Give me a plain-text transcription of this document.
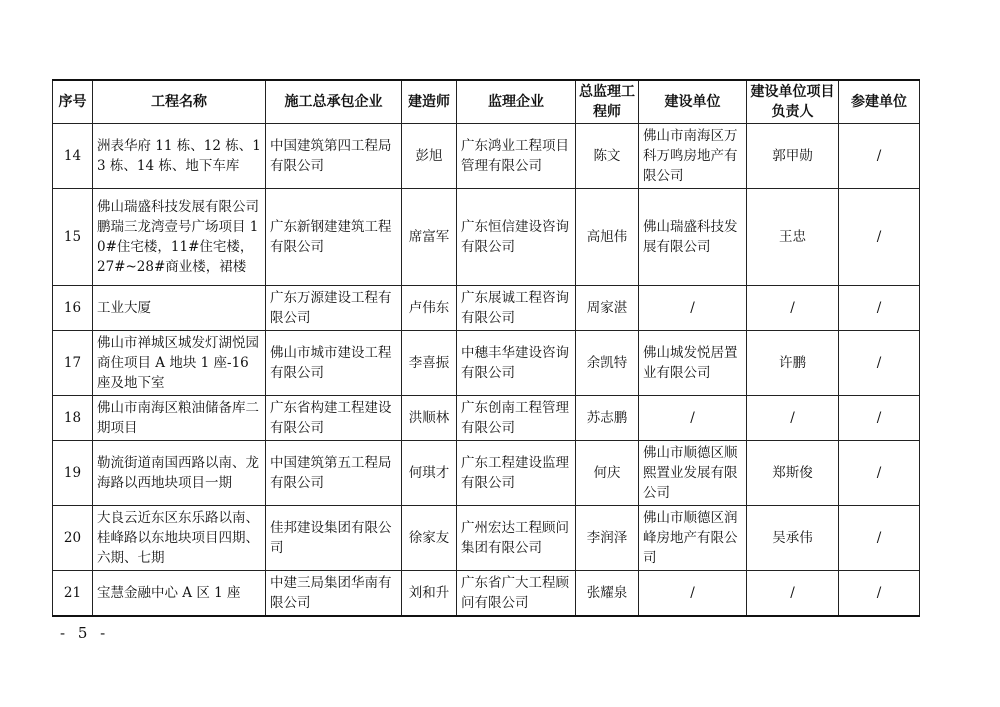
序号	工程名称	施工总承包企业	建造师	监理企业	总监理工程师	建设单位	建设单位项目负责人	参建单位
14	洲表华府 11 栋、12 栋、13 栋、14 栋、地下车库	中国建筑第四工程局有限公司	彭旭	广东鸿业工程项目管理有限公司	陈文	佛山市南海区万科万鸣房地产有限公司	郭甲勋	/
15	佛山瑞盛科技发展有限公司鹏瑞三龙湾壹号广场项目 10#住宅楼，11#住宅楼，27#~28#商业楼，裙楼	广东新钢建建筑工程有限公司	席富军	广东恒信建设咨询有限公司	高旭伟	佛山瑞盛科技发展有限公司	王忠	/
16	工业大厦	广东万源建设工程有限公司	卢伟东	广东展诚工程咨询有限公司	周家湛	/	/	/
17	佛山市禅城区城发灯湖悦园商住项目 A 地块 1 座-16 座及地下室	佛山市城市建设工程有限公司	李喜振	中穗丰华建设咨询有限公司	余凯特	佛山城发悦居置业有限公司	许鹏	/
18	佛山市南海区粮油储备库二期项目	广东省构建工程建设有限公司	洪顺林	广东创南工程管理有限公司	苏志鹏	/	/	/
19	勒流街道南国西路以南、龙海路以西地块项目一期	中国建筑第五工程局有限公司	何琪才	广东工程建设监理有限公司	何庆	佛山市顺德区顺熙置业发展有限公司	郑斯俊	/
20	大良云近东区东乐路以南、桂峰路以东地块项目四期、六期、七期	佳邦建设集团有限公司	徐家友	广州宏达工程顾问集团有限公司	李润泽	佛山市顺德区润峰房地产有限公司	吴承伟	/
21	宝慧金融中心 A 区 1 座	中建三局集团华南有限公司	刘和升	广东省广大工程顾问有限公司	张耀泉	/	/	/
- 5 -
